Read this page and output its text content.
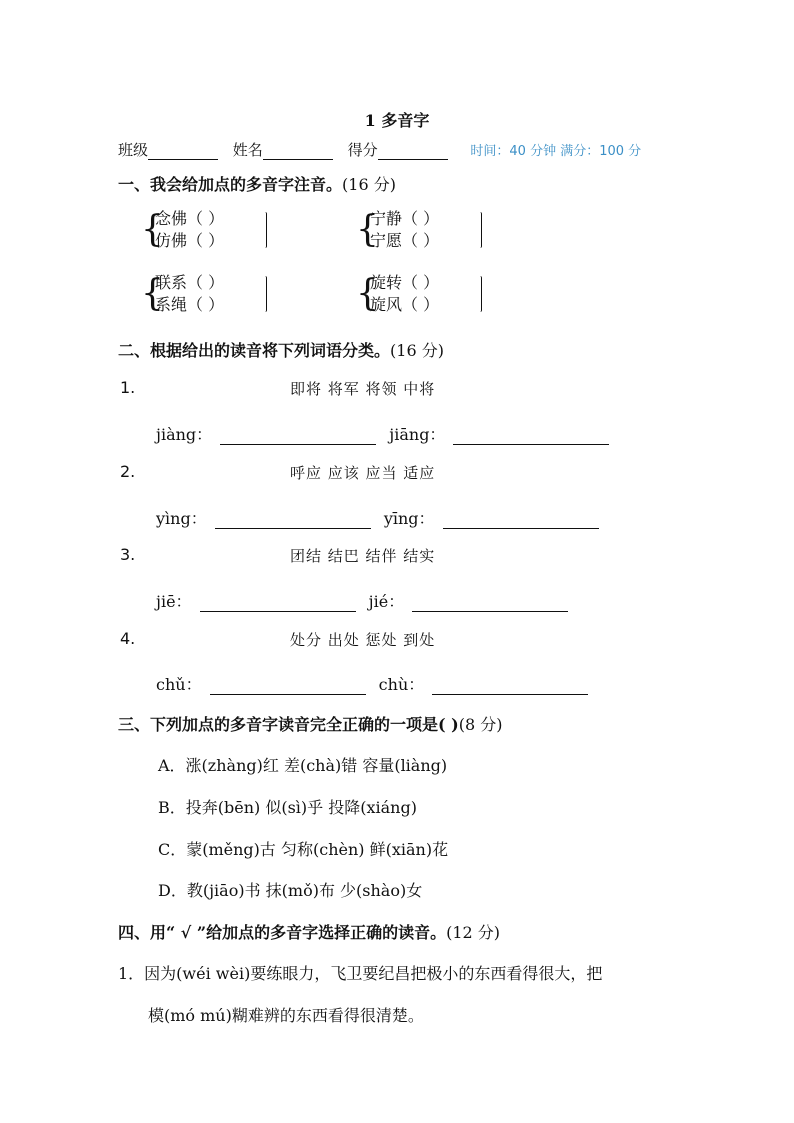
1 多音字
班级	姓名	得分	时间：40 分钟 满分：100 分
一、我会给加点的多音字注音。(16 分)
{
念佛（ ）
仿佛（ ）	{
宁静（ ）
宁愿（ ）
{
联系（ ）
系绳（ ）	{
旋转（ ）
旋风（ ）
二、根据给出的读音将下列词语分类。(16 分)
1.	即将 将军 将领 中将
jiàng：	jiāng：
2.	呼应 应该 应当 适应
yìng：	yīng：
3.	团结 结巴 结伴 结实
jiē：	jié：
4.	处分 出处 惩处 到处
chǔ：	chù：
三、下列加点的多音字读音完全正确的一项是( )(8 分)
A．涨(zhàng)红 差(chà)错 容量(liàng)
B．投奔(bēn) 似(sì)乎 投降(xiáng)
C．蒙(měng)古 匀称(chèn) 鲜(xiān)花
D．教(jiāo)书 抹(mǒ)布 少(shào)女
四、用“ √ ”给加点的多音字选择正确的读音。(12 分)
1．因为(wéi wèi)要练眼力，飞卫要纪昌把极小的东西看得很大，把
模(mó mú)糊难辨的东西看得很清楚。
